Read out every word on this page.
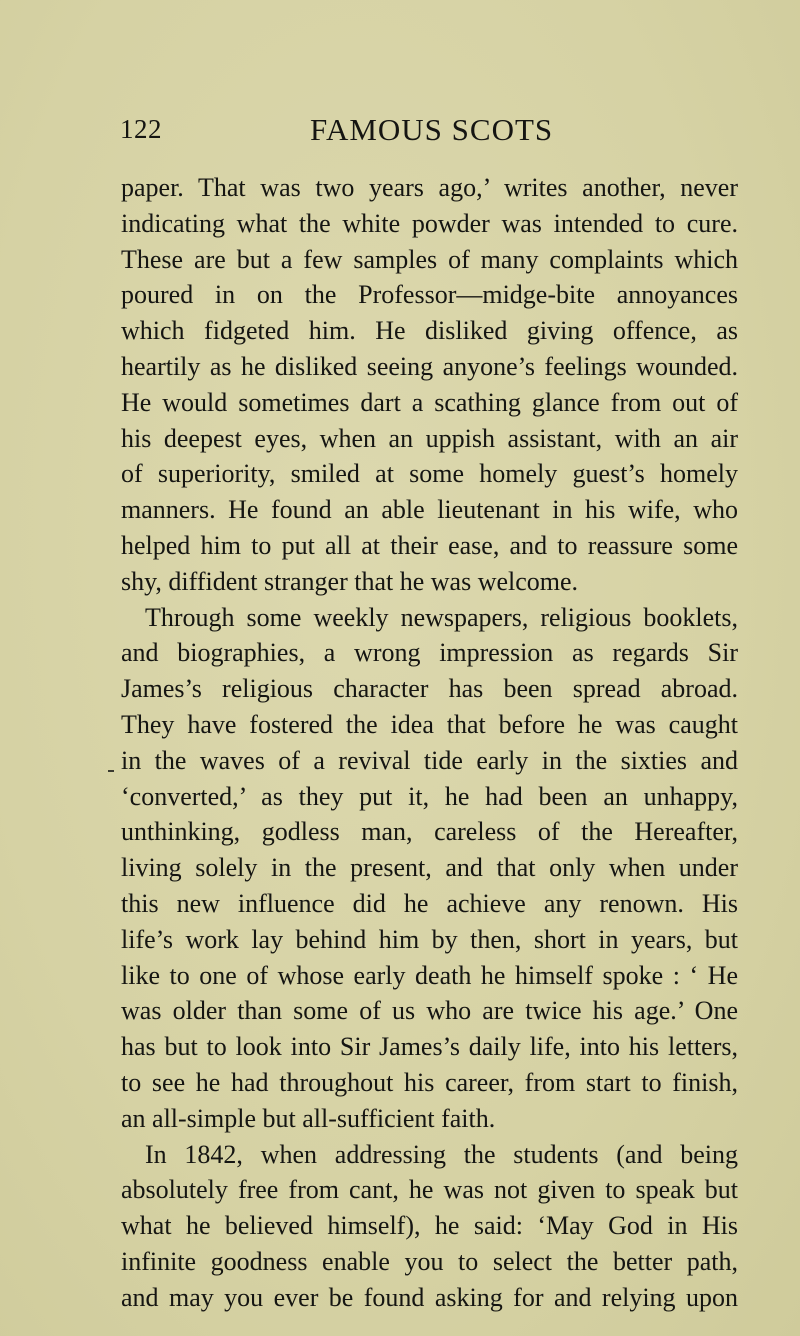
122	FAMOUS SCOTS
paper. That was two years ago,’ writes another, never
indicating what the white powder was intended to cure.
These are but a few samples of many complaints which
poured in on the Professor—midge-bite annoyances
which fidgeted him. He disliked giving offence, as
heartily as he disliked seeing anyone’s feelings wounded.
He would sometimes dart a scathing glance from out of
his deepest eyes, when an uppish assistant, with an air
of superiority, smiled at some homely guest’s homely
manners. He found an able lieutenant in his wife, who
helped him to put all at their ease, and to reassure some
shy, diffident stranger that he was welcome.
Through some weekly newspapers, religious booklets,
and biographies, a wrong impression as regards Sir
James’s religious character has been spread abroad.
They have fostered the idea that before he was caught
in the waves of a revival tide early in the sixties and
‘converted,’ as they put it, he had been an unhappy,
unthinking, godless man, careless of the Hereafter,
living solely in the present, and that only when under
this new influence did he achieve any renown. His
life’s work lay behind him by then, short in years, but
like to one of whose early death he himself spoke : ‘ He
was older than some of us who are twice his age.’ One
has but to look into Sir James’s daily life, into his letters,
to see he had throughout his career, from start to finish,
an all-simple but all-sufficient faith.
In 1842, when addressing the students (and being
absolutely free from cant, he was not given to speak but
what he believed himself), he said: ‘May God in His
infinite goodness enable you to select the better path,
and may you ever be found asking for and relying upon
